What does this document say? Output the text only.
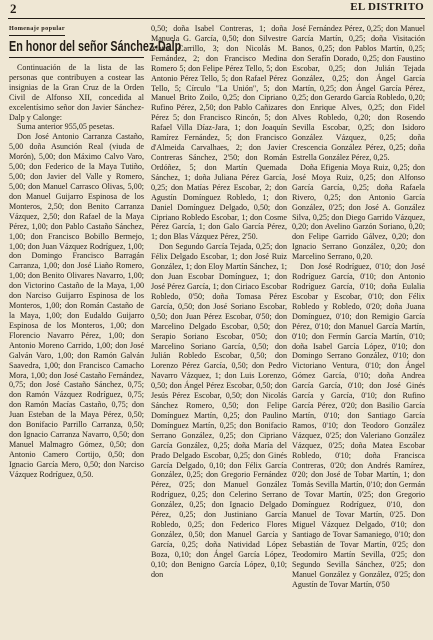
2	EL DISTRITO
Homenaje popular
En honor del señor Sánchez-Dalp

Continuación de la lista de las personas que contribuyen a costear las insignias de la Gran Cruz de la Orden Civil de Alfonso XII, concedida al excelentísimo señor don Javier Sánchez-Dalp y Calonge:

Suma anterior 955,05 pesetas.

Don José Antonio Carranza Castaño, 5,00 doña Asunción Real (viuda de Morón), 5,00; don Máximo Calvo Varo, 5,00; don Federico de la Maya Tutiño, 5,00; don Javier del Valle y Romero, 5,00; don Manuel Carrasco Olivas, 5,00; don Manuel Guijarro Espinosa de los Monteros, 2,50; don Benito Carranza Vázquez, 2,50; don Rafael de la Maya Pérez, 1,00; don Pablo Castaño Sánchez, 1,00; don Francisco Bobillo Bermejo, 1,00; don Juan Vázquez Rodríguez, 1,00; don Domingo Francisco Barragán Carranza, 1,00; don José Liaño Romero, 1,00; don Benito Olivares Navarro, 1,00; don Victorino Castaño de la Maya, 1,00 don Narciso Guijarro Espinosa de los Monteros, 1,00; don Román Castaño de la Maya, 1,00; don Eudaldo Guijarro Espinosa de los Monteros, 1,00; don Florencio Navarro Pérez, 1,00; don Antonio Moreno Carrido, 1,00; don José Galván Varo, 1,00; don Ramón Galván Saavedra, 1,00; don Francisco Camacho Mora, 1,00; don José Castaño Fernández, 0,75; don José Castaño Sánchez, 0,75; don Ramón Vázquez Rodríguez, 0,75; don Ramón Macías Castaño, 0,75; don Juan Esteban de la Maya Pérez, 0,50; don Bonifacio Parrillo Carranza, 0,50; don Ignacio Carranza Navarro, 0,50; don Manuel Malmagro Gómez, 0,50; don Antonio Camero Cortijo, 0,50; don Ignacio García Mero, 0,50; don Narciso Vázquez Rodríguez, 0,50.

0,50; doña Isabel Contreras, 1; doña Manuela G. García, 0,50; don Silvestre Matas Carrillo, 3; don Nicolás M. Fernández, 2; don Francisco Medina Romero 5; don Felipe Pérez Tello, 5; don Antonio Pérez Tello, 5; don Rafael Pérez Tello, 5; Círculo "La Unión", 5; don Manuel Brito Zoilo, 0,25; don Cipriano Rufino Pérez, 2,50; don Pablo Cañizares Pérez 5; don Francisco Rincón, 5; don Rafael Villa Díaz-Jara, 1; don Joaquín Ramírez Fernández, 5; don Francisco d'Almeida Carvalhaes, 2; don Javier Contreras Sánchez, 2'50; don Román Ordóñez, 5; don Martín Quemada Sánchez, 1; doña Juliana Pérez García, 0,25; don Matías Pérez Escobar, 2; don Agustín Domínguez Robledo, 1; don Daniel Domínguez Delgado, 0,50; don Cipriano Robledo Escobar, 1; don Cosme Pérez García, 1; don Galo García Pérez, 1; don Blas Vázquez Pérez, 2'50.

Don Segundo García Tejada, 0,25; don Félix Delgado Escobar, 1; don José Ruiz González, 1; don Eloy Martín Sánchez, 1; don Juan Escobar Domínguez, 1; don José Pérez García, 1; don Ciriaco Escobar Robledo, 0'50; doña Tomasa Pérez García, 0,50; don José Soriano Escobar, 0,50; don Juan Pérez Escobar, 0'50; don Marcelino Delgado Escobar, 0,50; don Serapio Soriano Escobar, 0'50; don Marcelino Soriano García, 0,50; don Julián Robledo Escobar, 0,50; don Lorenzo Pérez García, 0,50; don Pedro Navarro Vázquez, 1; don Luis Lorenzo, 0,50; don Ángel Pérez Escobar, 0,50; don Jesús Pérez Escobar, 0,50; don Nicolás Sánchez Romero, 0,50; don Felipe Domínguez Martín, 0,25; don Paulino Domínguez Martín, 0,25; don Bonifacio Serrano González, 0,25; don Cipriano García González, 0,25; doña María del Prado Delgado Escobar, 0,25; don Ginés García Delgado, 0,10; don Félix García González, 0,25; don Gregorio Fernández Pérez, 0'25; don Manuel González Rodríguez, 0,25; don Celerino Serrano González, 0,25; don Ignacio Delgado Pérez, 0,25; don Justiniano García Robledo, 0,25; don Federico Flores González, 0,50; don Manuel García y García, 0,25; doña Natividad López Boza, 0,10; don Ángel García López, 0,10; don Benigno García López, 0,10; don

José Fernández Pérez, 0,25; don Manuel García Martín, 0,25; doña Visitación Banos, 0,25; don Pablos Martín, 0,25; don Serafín Dorado, 0,25; don Faustino Escobar, 0,25; don Julián Tejada González, 0,25; don Ángel García Martín, 0,25; don Ángel García Pérez, 0,25; don Gerardo García Robledo, 0,20; don Enrique Alves, 0,25; don Fidel Alves Robledo, 0,20; don Rosendo Sevilla Escobar, 0,25; don Isidoro González Vázquez, 0,25; doña Crescencia González Pérez, 0,25; doña Estrella González Pérez, 0,25.

Doña Efigenia Moya Ruiz, 0,25; don José Moya Ruiz, 0,25; don Alfonso García García, 0,25; doña Rafaela Rivero, 0,25; don Antonio García González, 0'25; don José A. González Silva, 0,25; don Diego Garrido Vázquez, 0,20; don Avelino Garzón Soriano, 0,20; don Felipe Garrido Gálvez, 0,20; don Ignacio Serrano González, 0,20; don Marcelino Serrano, 0,20.

Don José Rodríguez, 0'10; don José Rodríguez García, 0'10; don Antonio Rodríguez García, 0'10; doña Eulalia Escobar y Escobar, 0'10; don Félix Robledo y Robledo, 0'20; doña Juana Domínguez, 0'10; don Remigio García Pérez, 0'10; don Manuel García Martín, 0'10; don Fermín García Martín, 0'10; doña Isabel García López, 0'10; don Domingo Serrano González, 0'10; don Victoriano Ventura, 0'10; don Ángel Gómez García, 0'10; doña Andrea García García, 0'10; don José Ginés García y García, 0'10; don Rufino García Pérez, 0'20; don Basilio García Martín, 0'10; don Santiago García Ramos, 0'10; don Teodoro González Vázquez, 0'25; don Valeriano González Vázquez, 0'25; doña Matea Escobar Robledo, 0'10; doña Francisca Contreras, 0'20; don Andrés Ramírez, 0'20; don José de Tobar Martín, 1; don Tomás Sevilla Martín, 0'10; don Germán de Tovar Martín, 0'25; don Gregorio Domínguez Rodríguez, 0'10, don Manuel de Tovar Martín, 0'25. Don Miguel Vázquez Delgado, 0'10; don Santiago de Tovar Samaniego, 0'10; don Sebastián de Tovar Martín, 0'25; don Teodomiro Martín Sevilla, 0'25; don Segundo Sevilla Sánchez, 0'25; don Manuel González y González, 0'25; don Agustín de Tovar Martín, 0'50
